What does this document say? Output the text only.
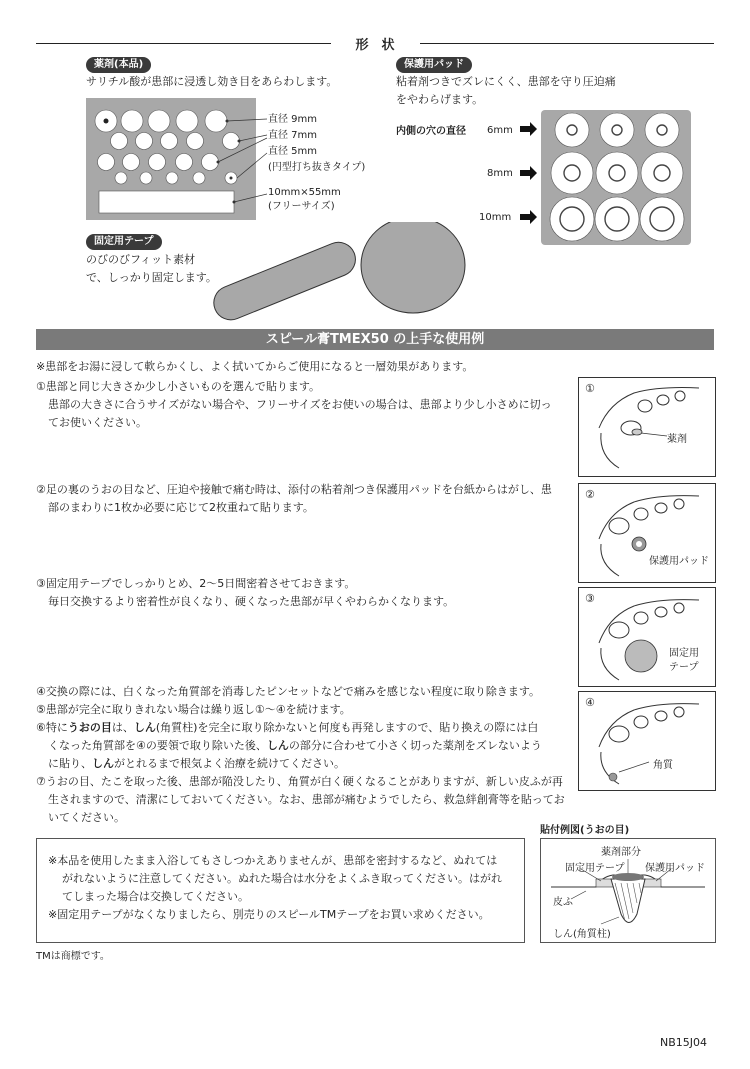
形　状
薬剤(本品)
サリチル酸が患部に浸透し効き目をあらわします。
直径 9mm
直径 7mm
直径 5mm
(円型打ち抜きタイプ)
10mm×55mm
(フリーサイズ)
保護用パッド
粘着剤つきでズレにくく、患部を守り圧迫痛
をやわらげます。
内側の穴の直径 6mm
8mm
10mm
固定用テープ
のびのびフィット素材
で、しっかり固定します。
スピール膏TMEX50 の上手な使用例
※患部をお湯に浸して軟らかくし、よく拭いてからご使用になると一層効果があります。
①患部と同じ大きさか少し小さいものを選んで貼ります。
患部の大きさに合うサイズがない場合や、フリーサイズをお使いの場合は、患部より少し小さめに切っ
てお使いください。
②足の裏のうおの目など、圧迫や接触で痛む時は、添付の粘着剤つき保護用パッドを台紙からはがし、患
部のまわりに1枚か必要に応じて2枚重ねて貼ります。
③固定用テープでしっかりとめ、2～5日間密着させておきます。
毎日交換するより密着性が良くなり、硬くなった患部が早くやわらかくなります。
④交換の際には、白くなった角質部を消毒したピンセットなどで痛みを感じない程度に取り除きます。
⑤患部が完全に取りきれない場合は繰り返し①～④を続けます。
⑥特にうおの目は、しん(角質柱)を完全に取り除かないと何度も再発しますので、貼り換えの際には白
くなった角質部を④の要領で取り除いた後、しんの部分に合わせて小さく切った薬剤をズレないよう
に貼り、しんがとれるまで根気よく治療を続けてください。
⑦うおの目、たこを取った後、患部が陥没したり、角質が白く硬くなることがありますが、新しい皮ふが再
生されますので、清潔にしておいてください。なお、患部が痛むようでしたら、救急絆創膏等を貼ってお
いてください。
①
薬剤
②
保護用パッド
③
固定用
テープ
④
角質
※本品を使用したまま入浴してもさしつかえありませんが、患部を密封するなど、ぬれては
がれないように注意してください。ぬれた場合は水分をよくふき取ってください。はがれ
てしまった場合は交換してください。
※固定用テープがなくなりましたら、別売りのスピールTMテープをお買い求めください。
貼付例図(うおの目)
薬剤部分
固定用テープ 保護用パッド
皮ふ
しん(角質柱)
TMは商標です。
NB15J04
